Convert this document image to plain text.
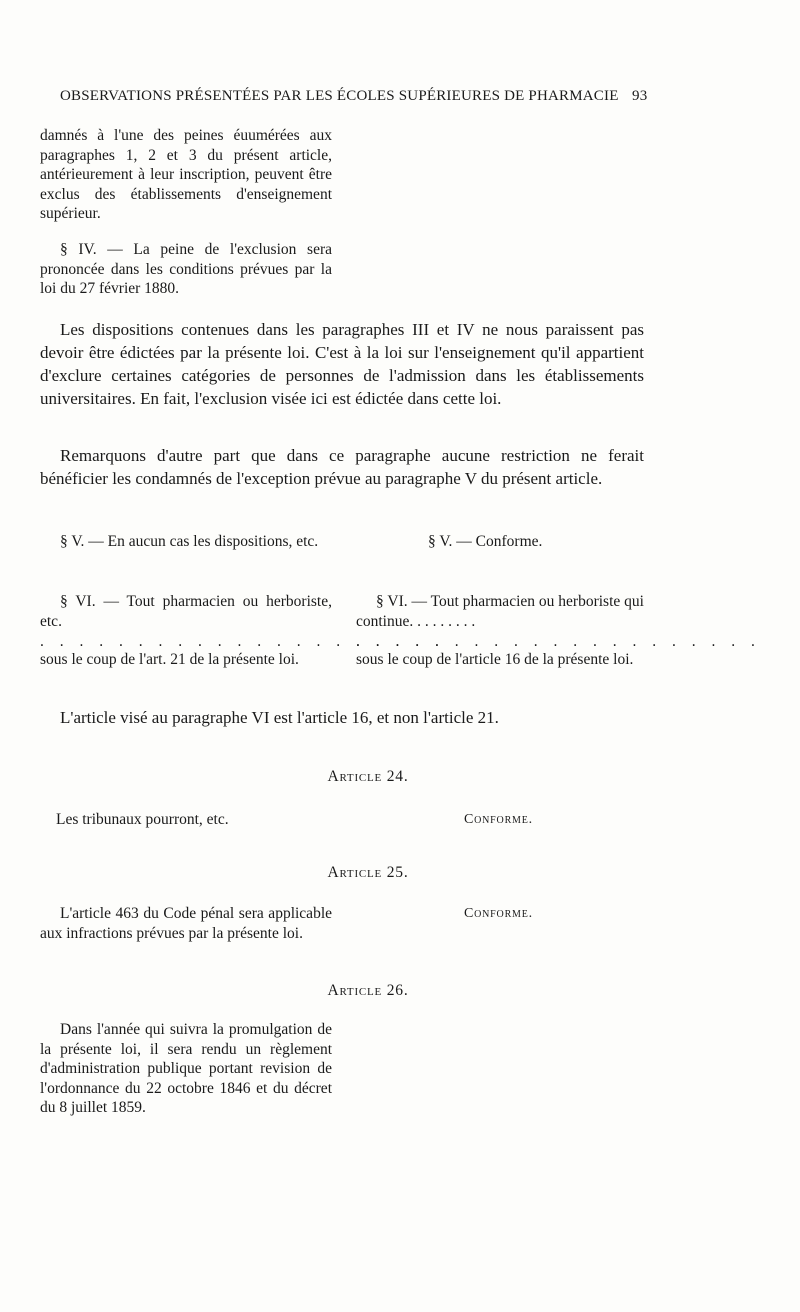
OBSERVATIONS PRÉSENTÉES PAR LES ÉCOLES SUPÉRIEURES DE PHARMACIE 93
damnés à l'une des peines éuumérées aux paragraphes 1, 2 et 3 du présent article, antérieurement à leur inscription, peuvent être exclus des établissements d'enseignement supérieur.
§ IV. — La peine de l'exclusion sera prononcée dans les conditions prévues par la loi du 27 février 1880.
Les dispositions contenues dans les paragraphes III et IV ne nous paraissent pas devoir être édictées par la présente loi. C'est à la loi sur l'enseignement qu'il appartient d'exclure certaines catégories de personnes de l'admission dans les établissements universitaires. En fait, l'exclusion visée ici est édictée dans cette loi.
Remarquons d'autre part que dans ce paragraphe aucune restriction ne ferait bénéficier les condamnés de l'exception prévue au paragraphe V du présent article.
§ V. — En aucun cas les dispositions, etc.	§ V. — Conforme.
§ VI. — Tout pharmacien ou herboriste, etc.
. . . . . . . . . . . . . . . . . . . . .
sous le coup de l'art. 21 de la présente loi.
§ VI. — Tout pharmacien ou herboriste qui continue. . . . . . . . .
. . . . . . . . . . . . . . . . . . . . .
sous le coup de l'article 16 de la présente loi.
L'article visé au paragraphe VI est l'article 16, et non l'article 21.
Article 24.
Les tribunaux pourront, etc.	Conforme.
Article 25.
L'article 463 du Code pénal sera applicable aux infractions prévues par la présente loi.
Conforme.
Article 26.
Dans l'année qui suivra la promulgation de la présente loi, il sera rendu un règlement d'administration publique portant revision de l'ordonnance du 22 octobre 1846 et du décret du 8 juillet 1859.
